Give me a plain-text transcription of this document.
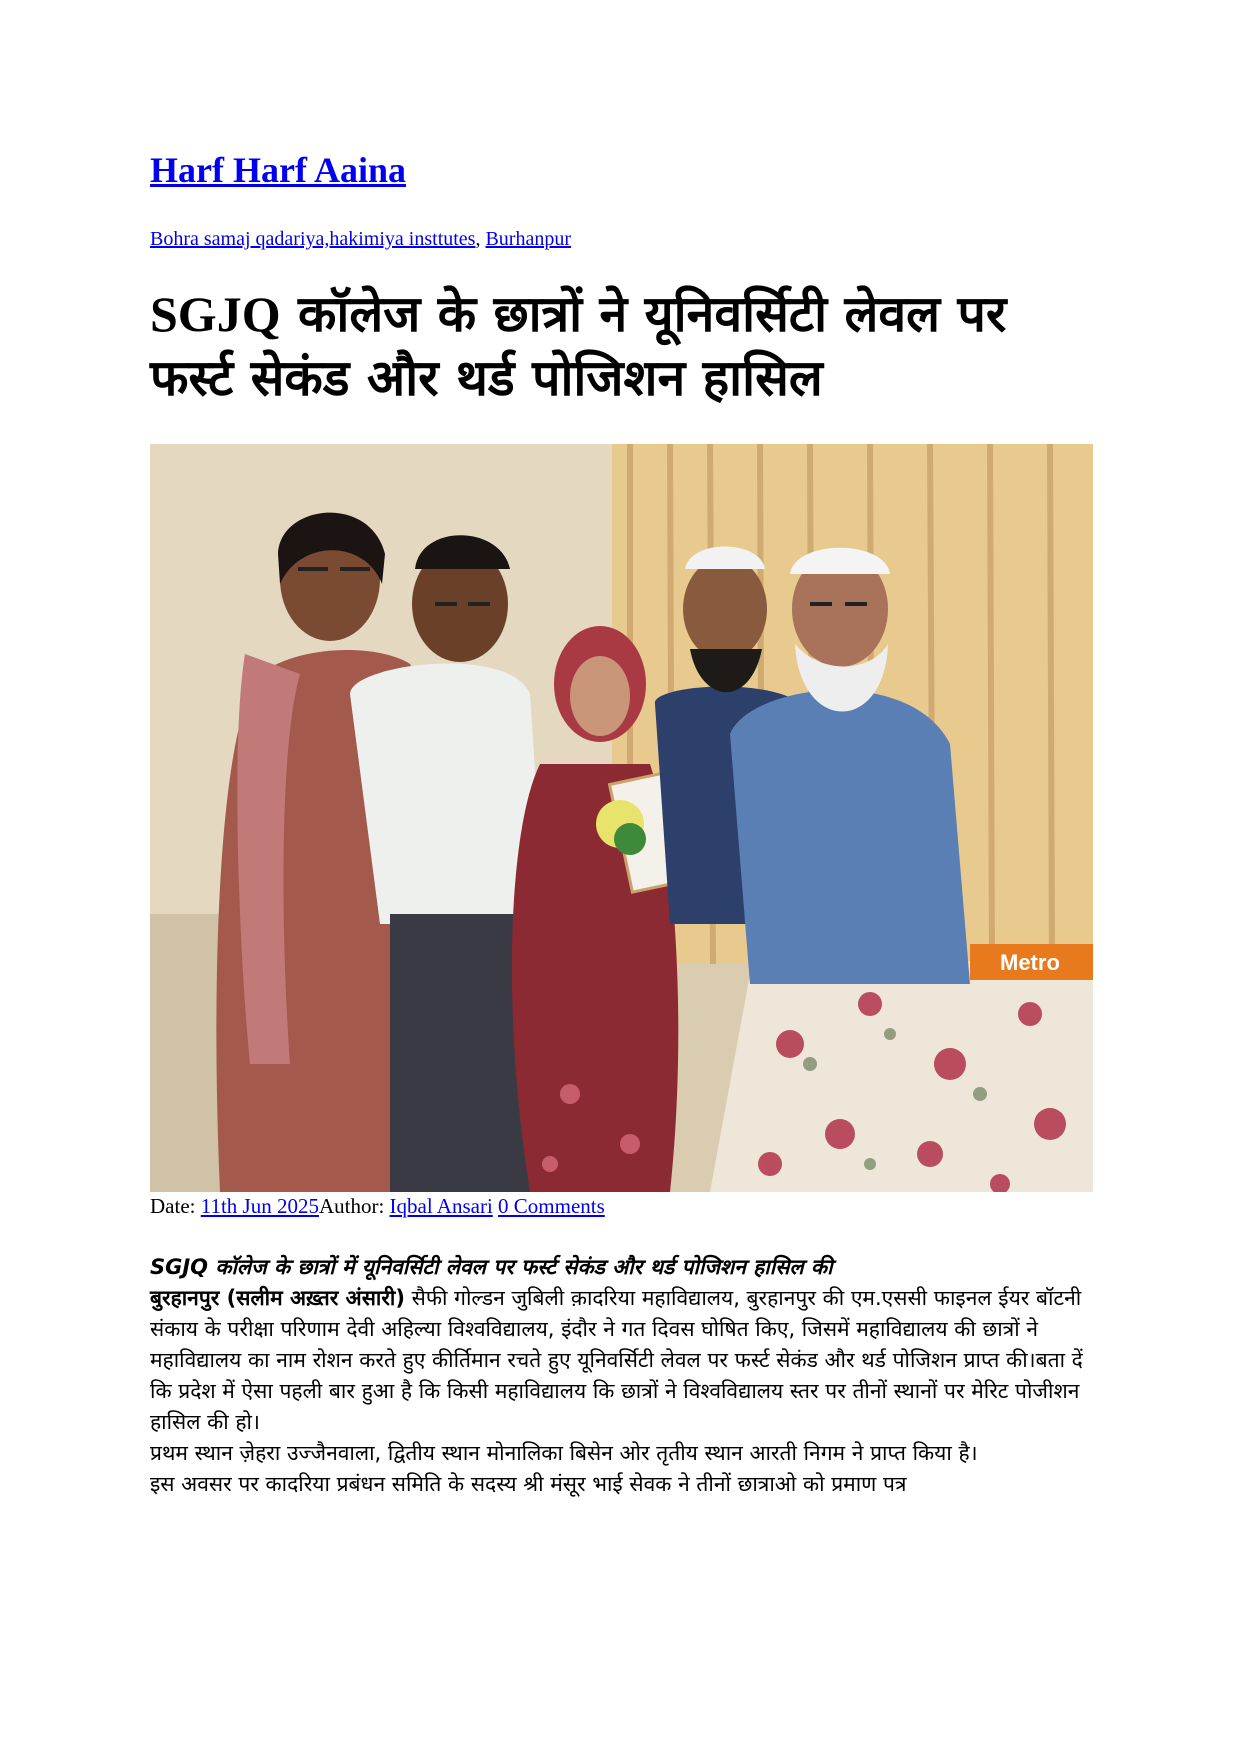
Harf Harf Aaina
Bohra samaj qadariya,hakimiya insttutes, Burhanpur
SGJQ कॉलेज के छात्रों ने यूनिवर्सिटी लेवल पर फर्स्ट सेकंड और थर्ड पोजिशन हासिल
Metro
Date: 11th Jun 2025Author: Iqbal Ansari 0 Comments

SGJQ कॉलेज के छात्रों में यूनिवर्सिटी लेवल पर फर्स्ट सेकंड और थर्ड पोजिशन हासिल कीबुरहानपुर (सलीम अख़्तर अंसारी) सैफी गोल्डन जुबिली क़ादरिया महाविद्यालय, बुरहानपुर की एम.एससी फाइनल ईयर बॉटनी संकाय के परीक्षा परिणाम देवी अहिल्या विश्वविद्यालय, इंदौर ने गत दिवस घोषित किए, जिसमें महाविद्यालय की छात्रों ने महाविद्यालय का नाम रोशन करते हुए कीर्तिमान रचते हुए यूनिवर्सिटी लेवल पर फर्स्ट सेकंड और थर्ड पोजिशन प्राप्त की।बता दें कि प्रदेश में ऐसा पहली बार हुआ है कि किसी महाविद्यालय कि छात्रों ने विश्वविद्यालय स्तर पर तीनों स्थानों पर मेरिट पोजीशन हासिल की हो।

प्रथम स्थान ज़ेहरा उज्जैनवाला, द्वितीय स्थान मोनालिका बिसेन ओर तृतीय स्थान आरती निगम ने प्राप्त किया है।

इस अवसर पर कादरिया प्रबंधन समिति के सदस्य श्री मंसूर भाई सेवक ने तीनों छात्राओ को प्रमाण पत्र
